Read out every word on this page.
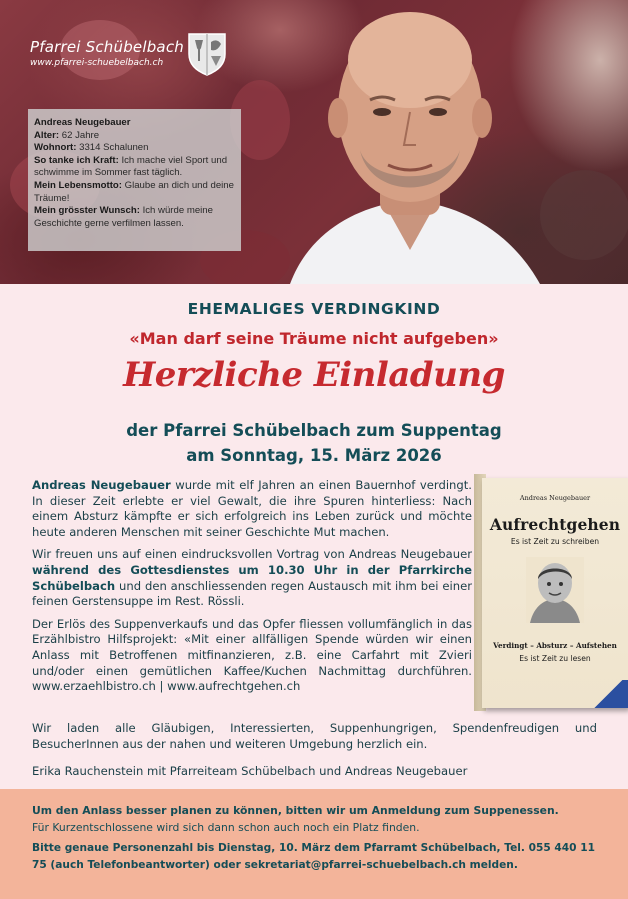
Pfarrei Schübelbach
www.pfarrei-schuebelbach.ch
Andreas Neugebauer
Alter: 62 Jahre
Wohnort: 3314 Schalunen
So tanke ich Kraft: Ich mache viel Sport und schwimme im Sommer fast täglich.
Mein Lebensmotto: Glaube an dich und deine Träume!
Mein grösster Wunsch: Ich würde meine Geschichte gerne verfilmen lassen.
EHEMALIGES VERDINGKIND
«Man darf seine Träume nicht aufgeben»
Herzliche Einladung
der Pfarrei Schübelbach zum Suppentag
am Sonntag, 15. März 2026

Andreas Neugebauer wurde mit elf Jahren an einen Bauernhof verdingt. In dieser Zeit erlebte er viel Gewalt, die ihre Spuren hinterliess: Nach einem Absturz kämpfte er sich erfolgreich ins Leben zurück und möchte heute anderen Menschen mit seiner Geschichte Mut machen.

Wir freuen uns auf einen eindrucksvollen Vortrag von Andreas Neugebauer während des Gottesdienstes um 10.30 Uhr in der Pfarrkirche Schübelbach und den anschliessenden regen Austausch mit ihm bei einer feinen Gerstensuppe im Rest. Rössli.

Der Erlös des Suppenverkaufs und das Opfer fliessen vollumfänglich in das Erzählbistro Hilfsprojekt: «Mit einer allfälligen Spende würden wir einen Anlass mit Betroffenen mitfinanzieren, z.B. eine Carfahrt mit Zvieri und/oder einen gemütlichen Kaffee/Kuchen Nachmittag durchführen. www.erzaehlbistro.ch | www.aufrechtgehen.ch

Wir laden alle Gläubigen, Interessierten, Suppenhungrigen, Spendenfreudigen und BesucherInnen aus der nahen und weiteren Umgebung herzlich ein.

Erika Rauchenstein mit Pfarreiteam Schübelbach und Andreas Neugebauer

Andreas Neugebauer
Aufrechtgehen
Es ist Zeit zu schreiben
Verdingt – Absturz – Aufstehen
Es ist Zeit zu lesen
Um den Anlass besser planen zu können, bitten wir um Anmeldung zum Suppenessen.
Für Kurzentschlossene wird sich dann schon auch noch ein Platz finden.
Bitte genaue Personenzahl bis Dienstag, 10. März dem Pfarramt Schübelbach, Tel. 055 440 11 75 (auch Telefonbeantworter) oder sekretariat@pfarrei-schuebelbach.ch melden.
